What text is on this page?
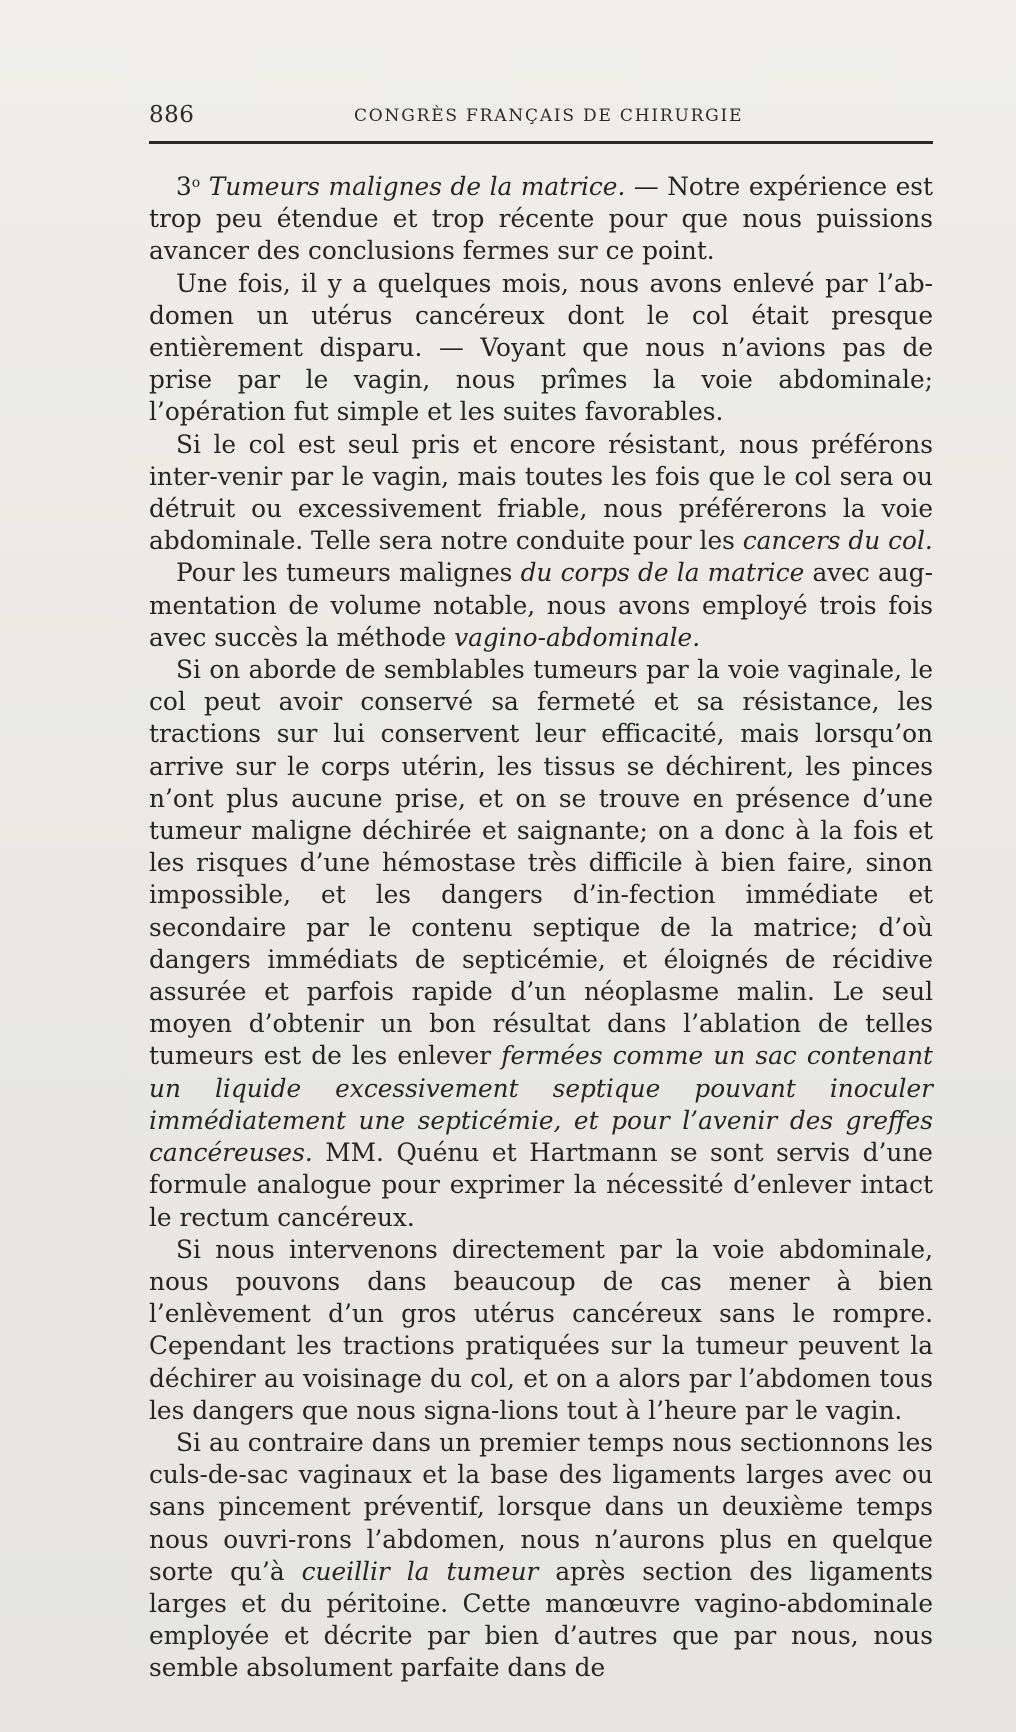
886	CONGRÈS FRANÇAIS DE CHIRURGIE

3$^o$ Tumeurs malignes de la matrice. — Notre expérience est trop peu étendue et trop récente pour que nous puissions avancer des conclusions fermes sur ce point.

Une fois, il y a quelques mois, nous avons enlevé par l’ab-domen un utérus cancéreux dont le col était presque entièrement disparu. — Voyant que nous n’avions pas de prise par le vagin, nous prîmes la voie abdominale; l’opération fut simple et les suites favorables.

Si le col est seul pris et encore résistant, nous préférons inter-venir par le vagin, mais toutes les fois que le col sera ou détruit ou excessivement friable, nous préférerons la voie abdominale. Telle sera notre conduite pour les cancers du col.

Pour les tumeurs malignes du corps de la matrice avec aug-mentation de volume notable, nous avons employé trois fois avec succès la méthode vagino-abdominale.

Si on aborde de semblables tumeurs par la voie vaginale, le col peut avoir conservé sa fermeté et sa résistance, les tractions sur lui conservent leur efficacité, mais lorsqu’on arrive sur le corps utérin, les tissus se déchirent, les pinces n’ont plus aucune prise, et on se trouve en présence d’une tumeur maligne déchirée et saignante; on a donc à la fois et les risques d’une hémostase très difficile à bien faire, sinon impossible, et les dangers d’in-fection immédiate et secondaire par le contenu septique de la matrice; d’où dangers immédiats de septicémie, et éloignés de récidive assurée et parfois rapide d’un néoplasme malin. Le seul moyen d’obtenir un bon résultat dans l’ablation de telles tumeurs est de les enlever fermées comme un sac contenant un liquide excessivement septique pouvant inoculer immédiatement une septicémie, et pour l’avenir des greffes cancéreuses. MM. Quénu et Hartmann se sont servis d’une formule analogue pour exprimer la nécessité d’enlever intact le rectum cancéreux.

Si nous intervenons directement par la voie abdominale, nous pouvons dans beaucoup de cas mener à bien l’enlèvement d’un gros utérus cancéreux sans le rompre. Cependant les tractions pratiquées sur la tumeur peuvent la déchirer au voisinage du col, et on a alors par l’abdomen tous les dangers que nous signa-lions tout à l’heure par le vagin.

Si au contraire dans un premier temps nous sectionnons les culs-de-sac vaginaux et la base des ligaments larges avec ou sans pincement préventif, lorsque dans un deuxième temps nous ouvri-rons l’abdomen, nous n’aurons plus en quelque sorte qu’à cueillir la tumeur après section des ligaments larges et du péritoine. Cette manœuvre vagino-abdominale employée et décrite par bien d’autres que par nous, nous semble absolument parfaite dans de
